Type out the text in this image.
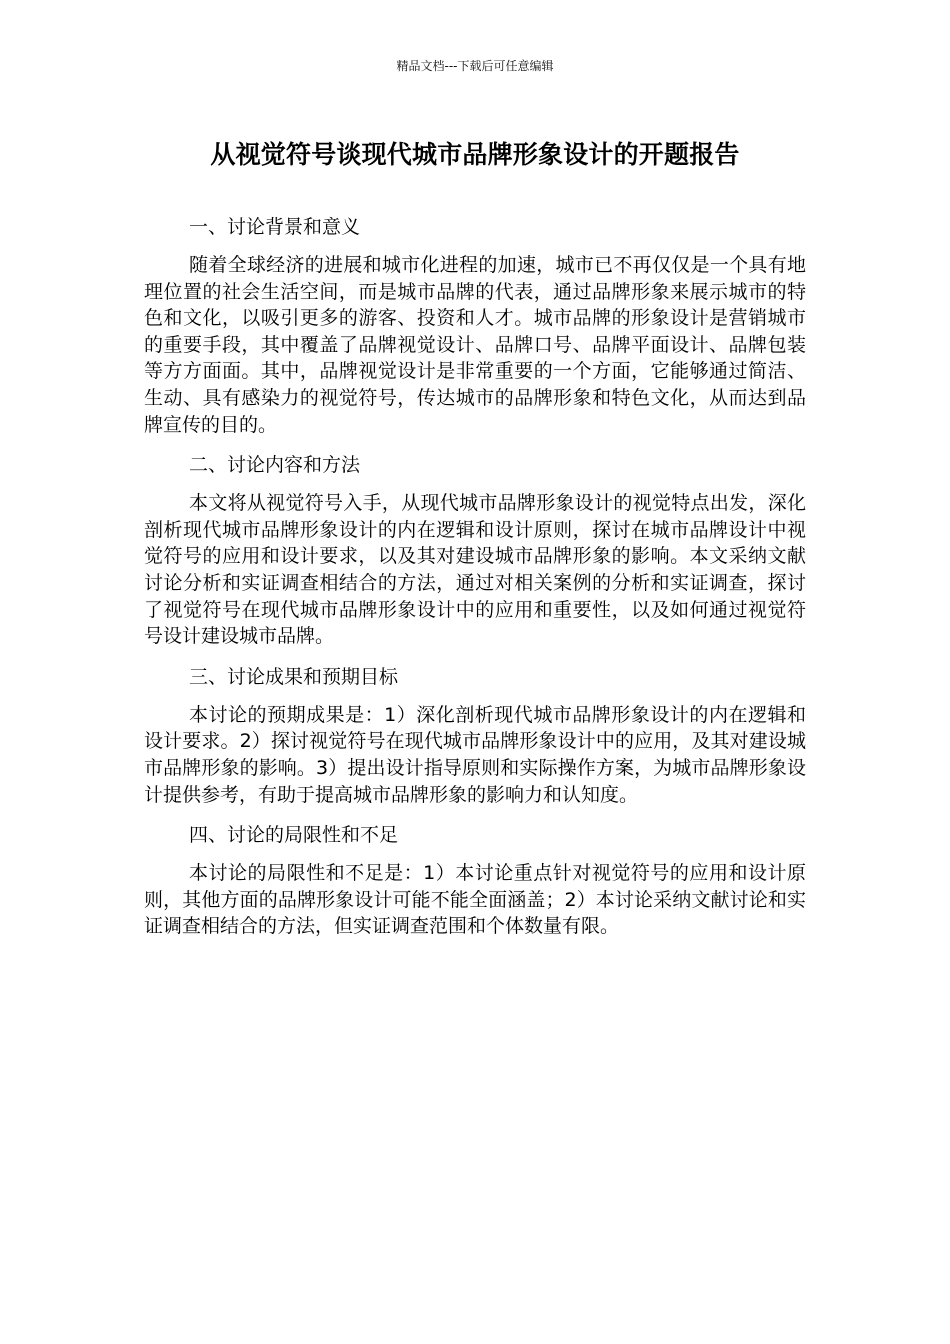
精品文档---下载后可任意编辑
从视觉符号谈现代城市品牌形象设计的开题报告
一、讨论背景和意义
随着全球经济的进展和城市化进程的加速，城市已不再仅仅是一个具有地理位置的社会生活空间，而是城市品牌的代表，通过品牌形象来展示城市的特色和文化，以吸引更多的游客、投资和人才。城市品牌的形象设计是营销城市的重要手段，其中覆盖了品牌视觉设计、品牌口号、品牌平面设计、品牌包装等方方面面。其中，品牌视觉设计是非常重要的一个方面，它能够通过简洁、生动、具有感染力的视觉符号，传达城市的品牌形象和特色文化，从而达到品牌宣传的目的。
二、讨论内容和方法
本文将从视觉符号入手，从现代城市品牌形象设计的视觉特点出发，深化剖析现代城市品牌形象设计的内在逻辑和设计原则，探讨在城市品牌设计中视觉符号的应用和设计要求，以及其对建设城市品牌形象的影响。本文采纳文献讨论分析和实证调查相结合的方法，通过对相关案例的分析和实证调查，探讨了视觉符号在现代城市品牌形象设计中的应用和重要性，以及如何通过视觉符号设计建设城市品牌。
三、讨论成果和预期目标
本讨论的预期成果是：1）深化剖析现代城市品牌形象设计的内在逻辑和设计要求。2）探讨视觉符号在现代城市品牌形象设计中的应用，及其对建设城市品牌形象的影响。3）提出设计指导原则和实际操作方案，为城市品牌形象设计提供参考，有助于提高城市品牌形象的影响力和认知度。
四、讨论的局限性和不足
本讨论的局限性和不足是：1）本讨论重点针对视觉符号的应用和设计原则，其他方面的品牌形象设计可能不能全面涵盖；2）本讨论采纳文献讨论和实证调查相结合的方法，但实证调查范围和个体数量有限。
